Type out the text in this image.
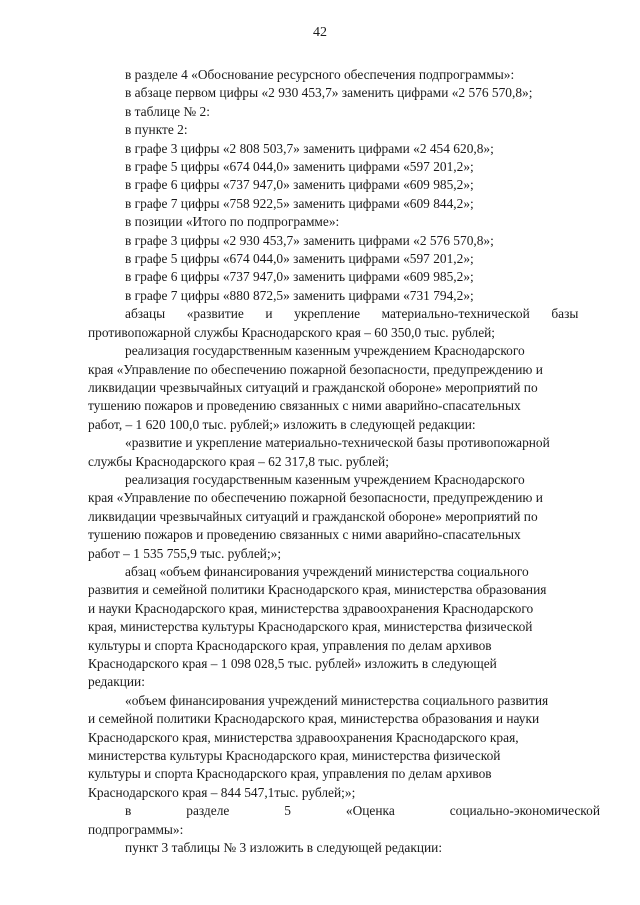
42
в разделе 4 «Обоснование ресурсного обеспечения подпрограммы»:
в абзаце первом цифры «2 930 453,7» заменить цифрами «2 576 570,8»;
в таблице № 2:
в пункте 2:
в графе 3 цифры «2 808 503,7» заменить цифрами «2 454 620,8»;
в графе 5 цифры «674 044,0» заменить цифрами «597 201,2»;
в графе 6 цифры «737 947,0» заменить цифрами «609 985,2»;
в графе 7 цифры «758 922,5» заменить цифрами «609 844,2»;
в позиции «Итого по подпрограмме»:
в графе 3 цифры «2 930 453,7» заменить цифрами «2 576 570,8»;
в графе 5 цифры «674 044,0» заменить цифрами «597 201,2»;
в графе 6 цифры «737 947,0» заменить цифрами «609 985,2»;
в графе 7 цифры «880 872,5» заменить цифрами «731 794,2»;
абзацы «развитие и укрепление материально-технической базы
противопожарной службы Краснодарского края – 60 350,0 тыс. рублей;
реализация государственным казенным учреждением Краснодарского
края «Управление по обеспечению пожарной безопасности, предупреждению и
ликвидации чрезвычайных ситуаций и гражданской обороне» мероприятий по
тушению пожаров и проведению связанных с ними аварийно-спасательных
работ, – 1 620 100,0 тыс. рублей;» изложить в следующей редакции:
«развитие и укрепление материально-технической базы противопожарной
службы Краснодарского края – 62 317,8 тыс. рублей;
реализация государственным казенным учреждением Краснодарского
края «Управление по обеспечению пожарной безопасности, предупреждению и
ликвидации чрезвычайных ситуаций и гражданской обороне» мероприятий по
тушению пожаров и проведению связанных с ними аварийно-спасательных
работ – 1 535 755,9 тыс. рублей;»;
абзац «объем финансирования учреждений министерства социального
развития и семейной политики Краснодарского края, министерства образования
и науки Краснодарского края, министерства здравоохранения Краснодарского
края, министерства культуры Краснодарского края, министерства физической
культуры и спорта Краснодарского края, управления по делам архивов
Краснодарского края – 1 098 028,5 тыс. рублей» изложить в следующей
редакции:
«объем финансирования учреждений министерства социального развития
и семейной политики Краснодарского края, министерства образования и науки
Краснодарского края, министерства здравоохранения Краснодарского края,
министерства культуры Краснодарского края, министерства физической
культуры и спорта Краснодарского края, управления по делам архивов
Краснодарского края – 844 547,1тыс. рублей;»;
в	разделе	5	«Оценка	социально-экономической
подпрограммы»:
пункт 3 таблицы № 3 изложить в следующей редакции:
